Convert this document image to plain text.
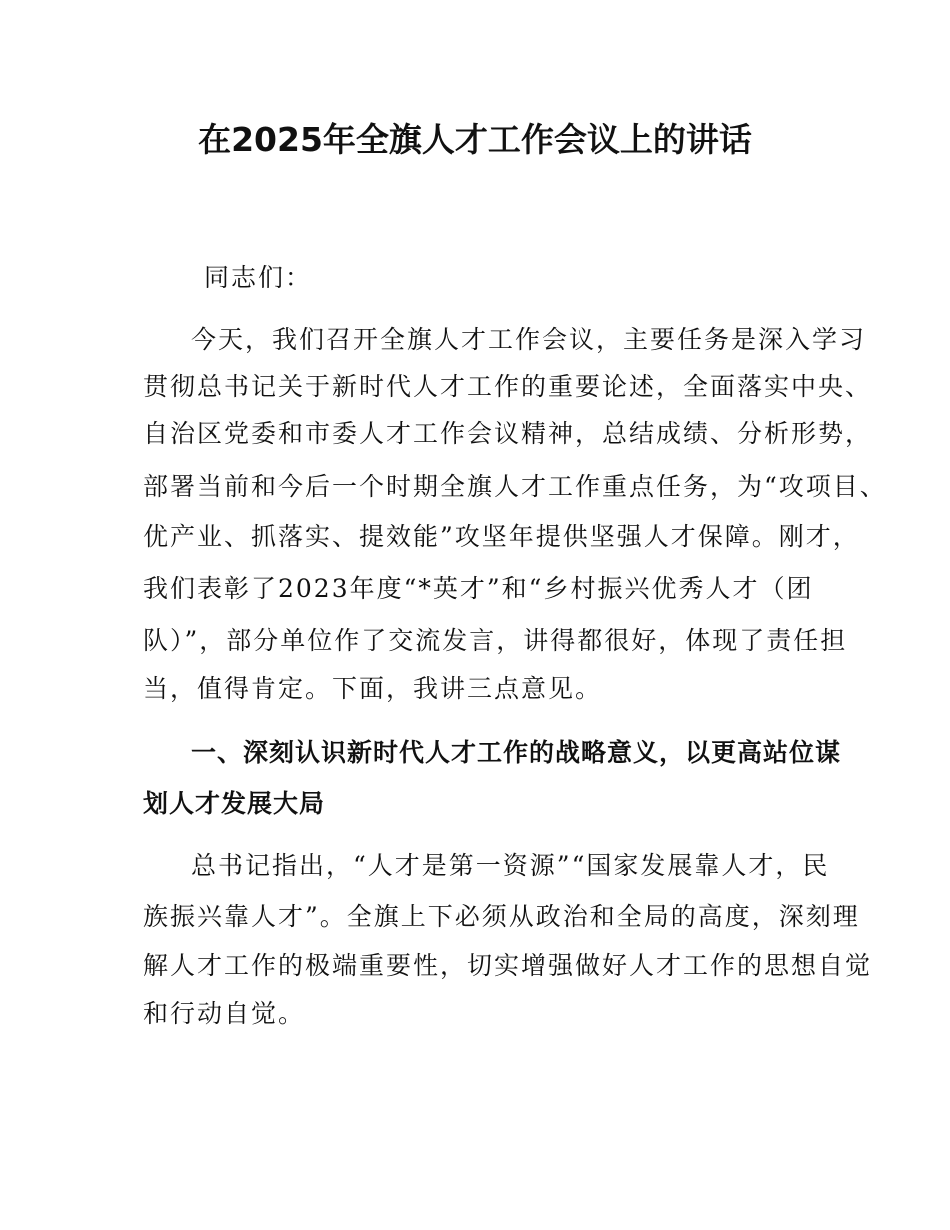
在2025年全旗人才工作会议上的讲话

同志们：

今天，我们召开全旗人才工作会议，主要任务是深入学习

贯彻总书记关于新时代人才工作的重要论述，全面落实中央、

自治区党委和市委人才工作会议精神，总结成绩、分析形势，

部署当前和今后一个时期全旗人才工作重点任务，为“攻项目、

优产业、抓落实、提效能”攻坚年提供坚强人才保障。刚才，

我们表彰了2023年度“*英才”和“乡村振兴优秀人才（团

队）”，部分单位作了交流发言，讲得都很好，体现了责任担

当，值得肯定。下面，我讲三点意见。

一、深刻认识新时代人才工作的战略意义，以更高站位谋

划人才发展大局

总书记指出，“人才是第一资源”“国家发展靠人才，民

族振兴靠人才”。全旗上下必须从政治和全局的高度，深刻理

解人才工作的极端重要性，切实增强做好人才工作的思想自觉

和行动自觉。
